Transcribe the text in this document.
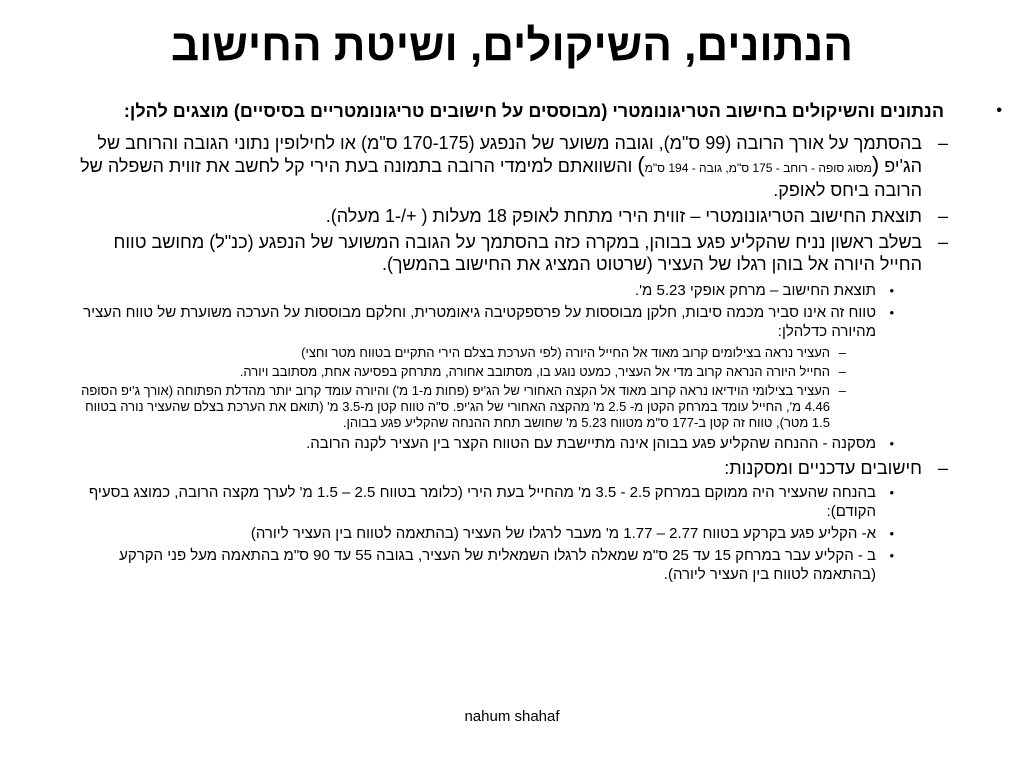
הנתונים, השיקולים, ושיטת החישוב
•
הנתונים והשיקולים בחישוב הטריגונומטרי (מבוססים על חישובים טריגונומטריים בסיסיים) מוצגים להלן:
–
בהסתמך על אורך הרובה (99 ס"מ), וגובה משוער של הנפגע (170-175 ס"מ) או לחילופין נתוני הגובה והרוחב של הג'יפ (מסוג סופה - רוחב - 175 ס"מ, גובה - 194 ס"מ) והשוואתם למימדי הרובה בתמונה בעת הירי קל לחשב את זווית השפלה של הרובה ביחס לאופק.
–
תוצאת החישוב הטריגונומטרי – זווית הירי מתחת לאופק 18 מעלות ( +/-1 מעלה).
–
בשלב ראשון נניח שהקליע פגע בבוהן, במקרה כזה בהסתמך על הגובה המשוער של הנפגע (כנ"ל) מחושב טווח החייל היורה אל בוהן רגלו של העציר (שרטוט המציג את החישוב בהמשך).
•
תוצאת החישוב – מרחק אופקי 5.23 מ'.
•
טווח זה אינו סביר מכמה סיבות, חלקן מבוססות על פרספקטיבה גיאומטרית, וחלקם מבוססות על הערכה משוערת של טווח העציר מהיורה כדלהלן:
–
העציר נראה בצילומים קרוב מאוד אל החייל היורה (לפי הערכת בצלם הירי התקיים בטווח מטר וחצי)
–
החייל היורה הנראה קרוב מדי אל העציר, כמעט נוגע בו, מסתובב אחורה, מתרחק בפסיעה אחת, מסתובב ויורה.
–
העציר בצילומי הוידיאו נראה קרוב מאוד אל הקצה האחורי של הג'יפ (פחות מ-1 מ') והיורה עומד קרוב יותר מהדלת הפתוחה (אורך ג'יפ הסופה 4.46 מ', החייל עומד במרחק הקטן מ- 2.5 מ' מהקצה האחורי של הג'יפ. ס"ה טווח קטן מ-3.5 מ' (תואם את הערכת בצלם שהעציר נורה בטווח 1.5 מטר), טווח זה קטן ב-177 ס"מ מטווח 5.23 מ' שחושב תחת ההנחה שהקליע פגע בבוהן.
•
מסקנה - ההנחה שהקליע פגע בבוהן אינה מתיישבת עם הטווח הקצר בין העציר לקנה הרובה.
–
חישובים עדכניים ומסקנות:
•
בהנחה שהעציר היה ממוקם במרחק 2.5 - 3.5 מ' מהחייל בעת הירי (כלומר בטווח 2.5 – 1.5 מ' לערך מקצה הרובה, כמוצג בסעיף הקודם):
•
א- הקליע פגע בקרקע בטווח 2.77 – 1.77 מ' מעבר לרגלו של העציר (בהתאמה לטווח בין העציר ליורה)
•
ב - הקליע עבר במרחק 15 עד 25 ס"מ שמאלה לרגלו השמאלית של העציר, בגובה 55 עד 90 ס"מ בהתאמה מעל פני הקרקע (בהתאמה לטווח בין העציר ליורה).
nahum shahaf
